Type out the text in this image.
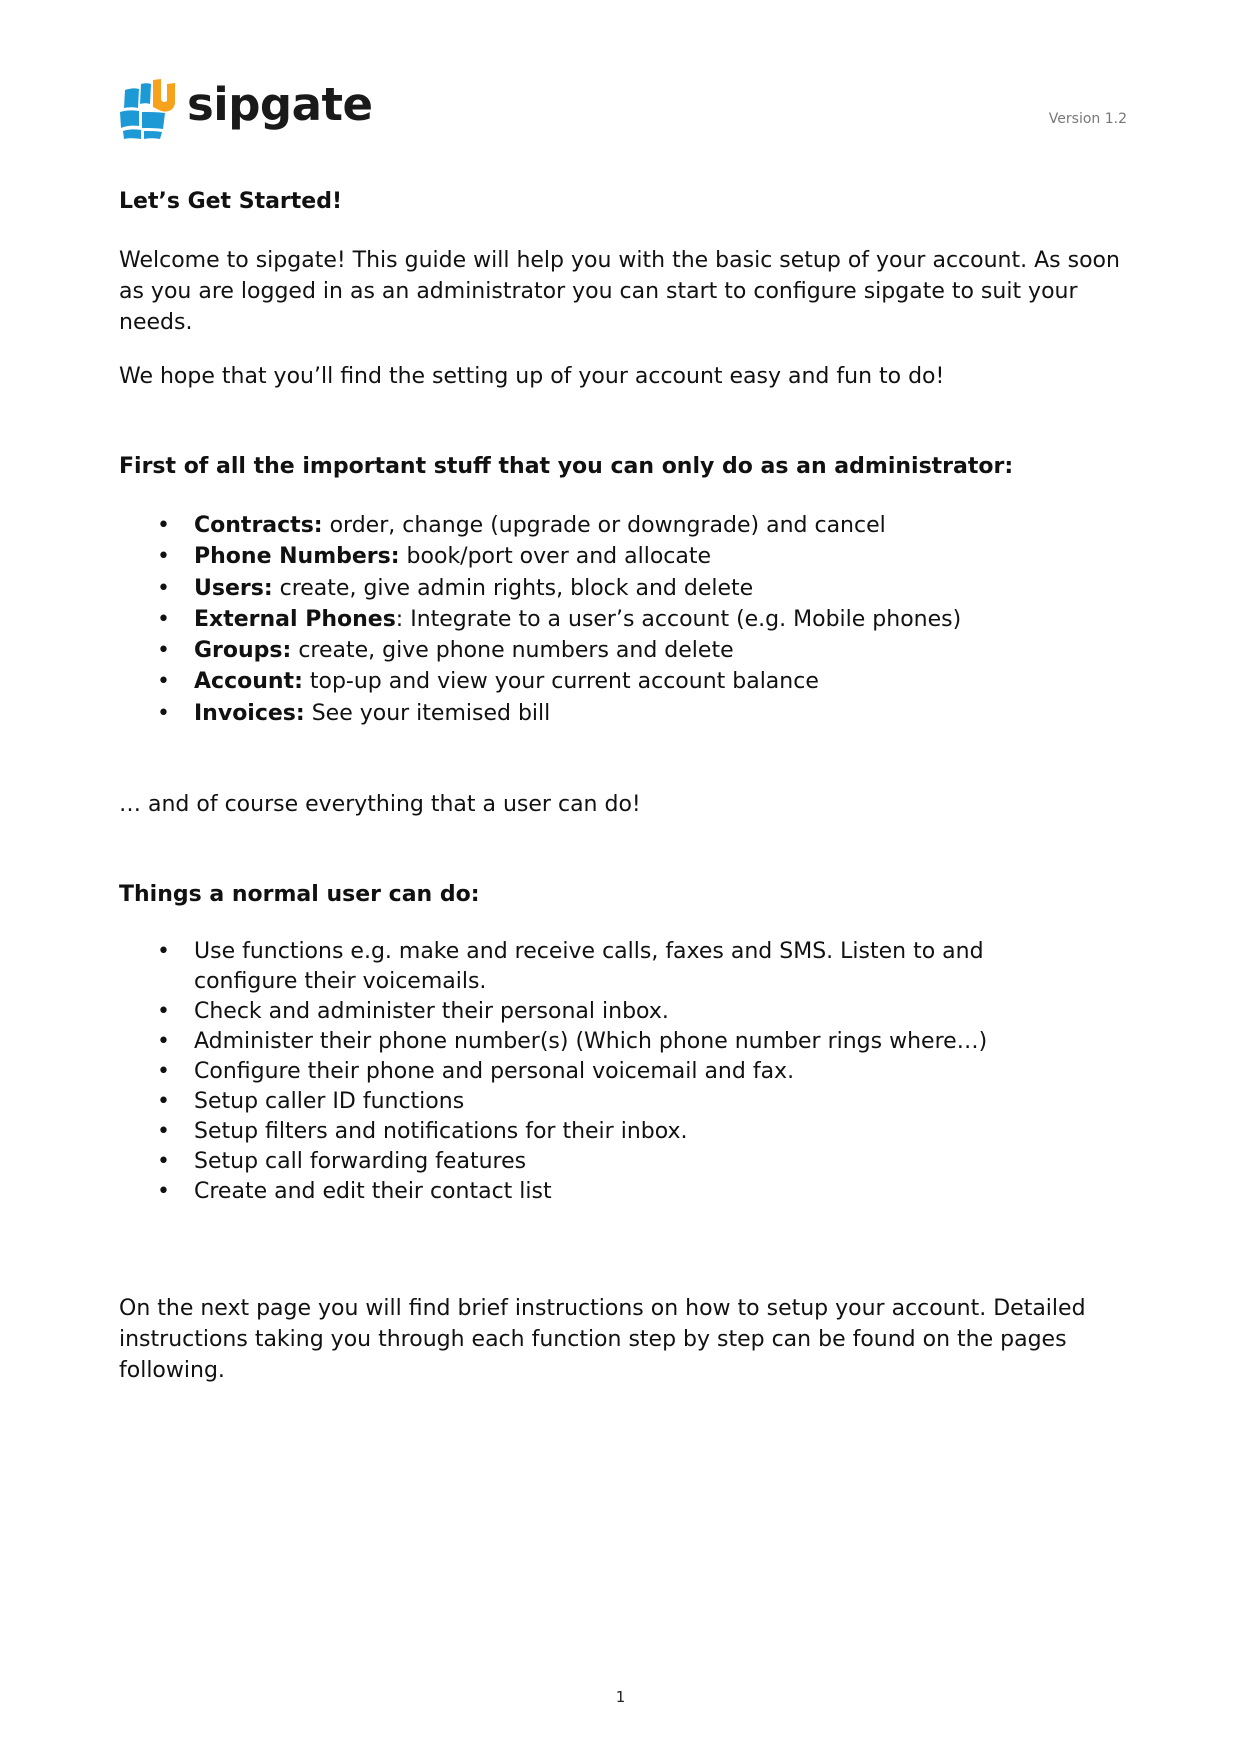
sipgate	Version 1.2

Let’s Get Started!

Welcome to sipgate! This guide will help you with the basic setup of your account. As soon as you are logged in as an administrator you can start to configure sipgate to suit your needs.

We hope that you’ll find the setting up of your account easy and fun to do!

First of all the important stuff that you can only do as an administrator:

• Contracts: order, change (upgrade or downgrade) and cancel
• Phone Numbers: book/port over and allocate
• Users: create, give admin rights, block and delete
• External Phones: Integrate to a user’s account (e.g. Mobile phones)
• Groups: create, give phone numbers and delete
• Account: top-up and view your current account balance
• Invoices: See your itemised bill

… and of course everything that a user can do!

Things a normal user can do:

• Use functions e.g. make and receive calls, faxes and SMS. Listen to and configure their voicemails.
• Check and administer their personal inbox.
• Administer their phone number(s) (Which phone number rings where…)
• Configure their phone and personal voicemail and fax.
• Setup caller ID functions
• Setup filters and notifications for their inbox.
• Setup call forwarding features
• Create and edit their contact list

On the next page you will find brief instructions on how to setup your account. Detailed instructions taking you through each function step by step can be found on the pages following.

1
